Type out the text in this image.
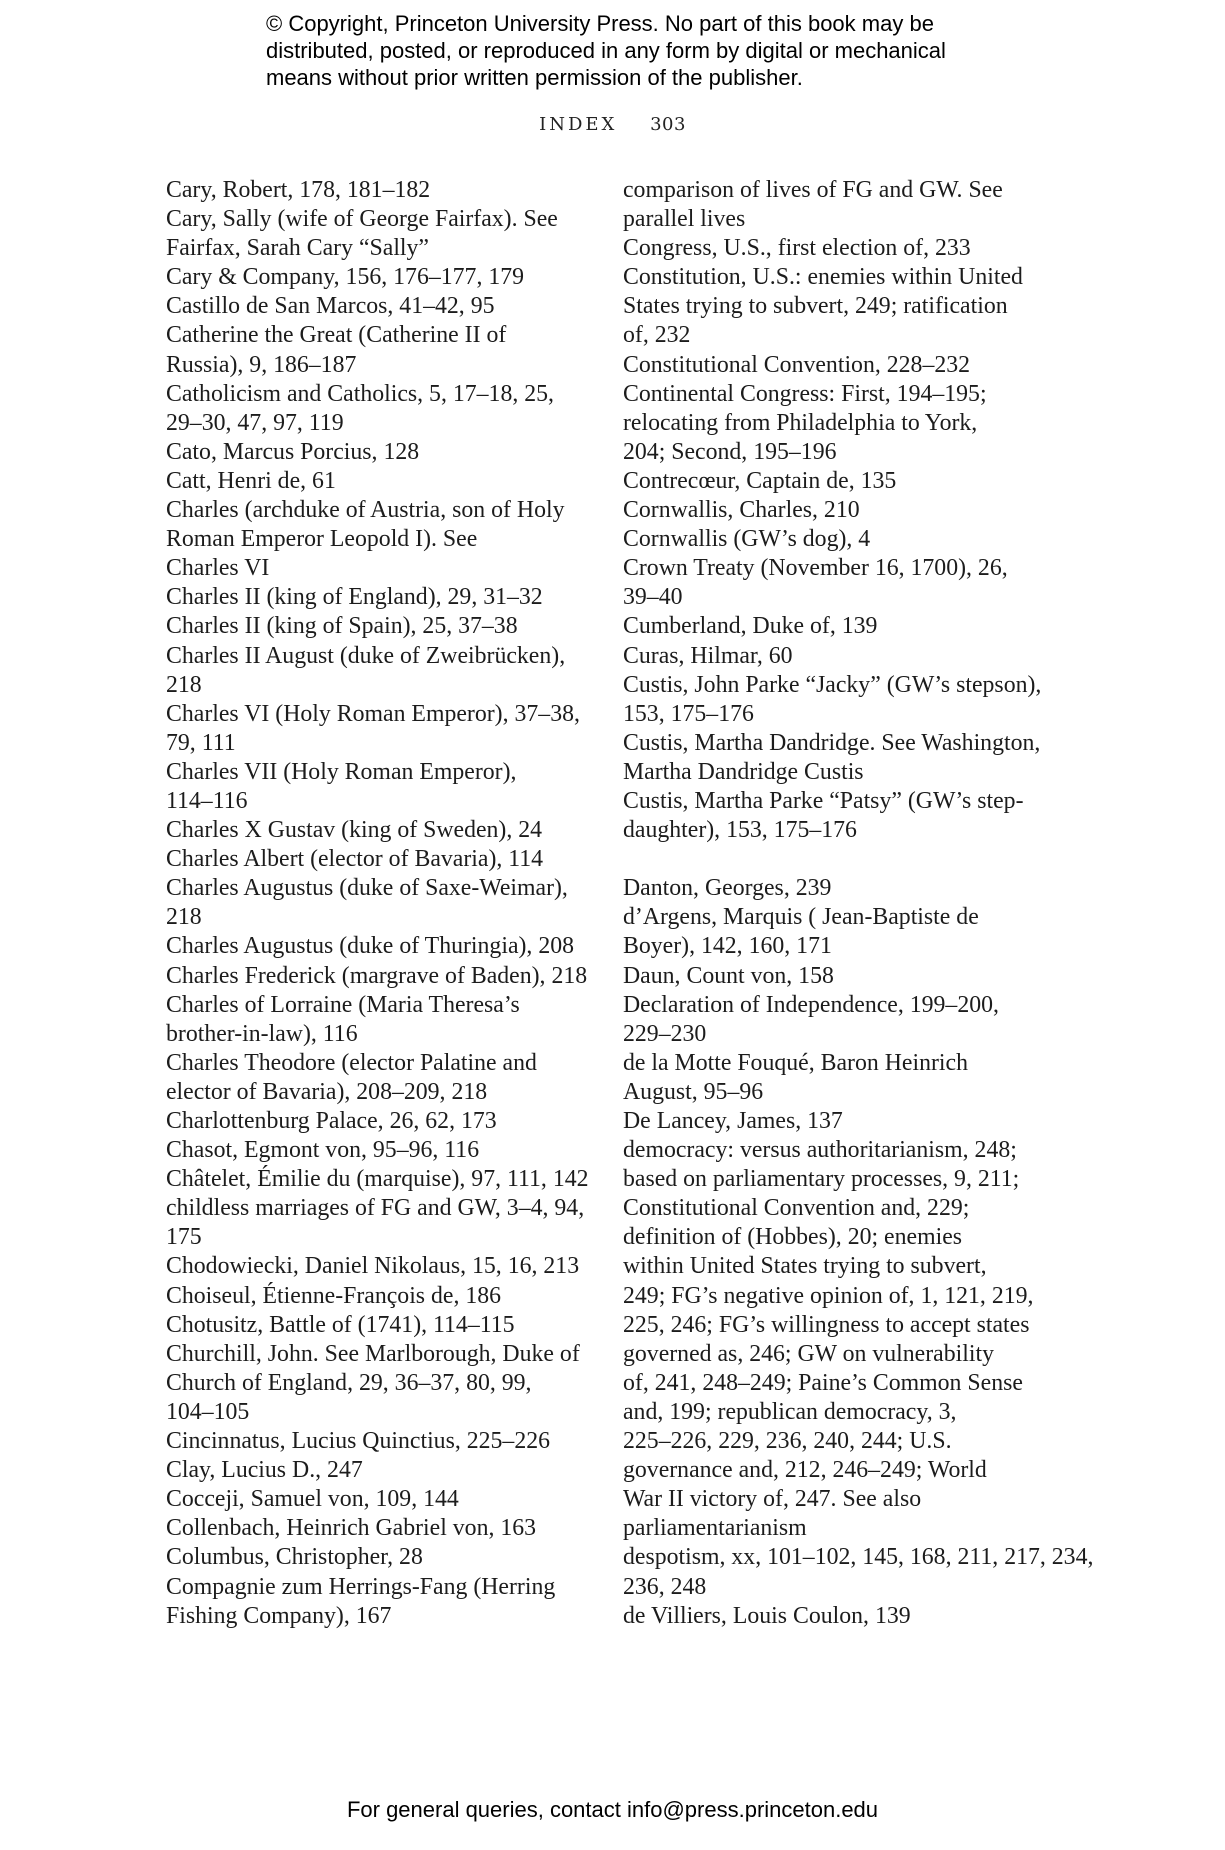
© Copyright, Princeton University Press. No part of this book may be
distributed, posted, or reproduced in any form by digital or mechanical
means without prior written permission of the publisher.
INDEX 303
Cary, Robert, 178, 181–182
Cary, Sally (wife of George Fairfax). See
Fairfax, Sarah Cary “Sally”
Cary & Company, 156, 176–177, 179
Castillo de San Marcos, 41–42, 95
Catherine the Great (Catherine II of
Russia), 9, 186–187
Catholicism and Catholics, 5, 17–18, 25,
29–30, 47, 97, 119
Cato, Marcus Porcius, 128
Catt, Henri de, 61
Charles (archduke of Austria, son of Holy
Roman Emperor Leopold I). See
Charles VI
Charles II (king of England), 29, 31–32
Charles II (king of Spain), 25, 37–38
Charles II August (duke of Zweibrücken),
218
Charles VI (Holy Roman Emperor), 37–38,
79, 111
Charles VII (Holy Roman Emperor),
114–116
Charles X Gustav (king of Sweden), 24
Charles Albert (elector of Bavaria), 114
Charles Augustus (duke of Saxe-Weimar),
218
Charles Augustus (duke of Thuringia), 208
Charles Frederick (margrave of Baden), 218
Charles of Lorraine (Maria Theresa’s
brother-in-law), 116
Charles Theodore (elector Palatine and
elector of Bavaria), 208–209, 218
Charlottenburg Palace, 26, 62, 173
Chasot, Egmont von, 95–96, 116
Châtelet, Émilie du (marquise), 97, 111, 142
childless marriages of FG and GW, 3–4, 94,
175
Chodowiecki, Daniel Nikolaus, 15, 16, 213
Choiseul, Étienne-François de, 186
Chotusitz, Battle of (1741), 114–115
Churchill, John. See Marlborough, Duke of
Church of England, 29, 36–37, 80, 99,
104–105
Cincinnatus, Lucius Quinctius, 225–226
Clay, Lucius D., 247
Cocceji, Samuel von, 109, 144
Collenbach, Heinrich Gabriel von, 163
Columbus, Christopher, 28
Compagnie zum Herrings-Fang (Herring
Fishing Company), 167
comparison of lives of FG and GW. See
parallel lives
Congress, U.S., first election of, 233
Constitution, U.S.: enemies within United
States trying to subvert, 249; ratification
of, 232
Constitutional Convention, 228–232
Continental Congress: First, 194–195;
relocating from Philadelphia to York,
204; Second, 195–196
Contrecœur, Captain de, 135
Cornwallis, Charles, 210
Cornwallis (GW’s dog), 4
Crown Treaty (November 16, 1700), 26,
39–40
Cumberland, Duke of, 139
Curas, Hilmar, 60
Custis, John Parke “Jacky” (GW’s stepson),
153, 175–176
Custis, Martha Dandridge. See Washington,
Martha Dandridge Custis
Custis, Martha Parke “Patsy” (GW’s step-
daughter), 153, 175–176
Danton, Georges, 239
d’Argens, Marquis ( Jean-Baptiste de
Boyer), 142, 160, 171
Daun, Count von, 158
Declaration of Independence, 199–200,
229–230
de la Motte Fouqué, Baron Heinrich
August, 95–96
De Lancey, James, 137
democracy: versus authoritarianism, 248;
based on parliamentary processes, 9, 211;
Constitutional Convention and, 229;
definition of (Hobbes), 20; enemies
within United States trying to subvert,
249; FG’s negative opinion of, 1, 121, 219,
225, 246; FG’s willingness to accept states
governed as, 246; GW on vulnerability
of, 241, 248–249; Paine’s Common Sense
and, 199; republican democracy, 3,
225–226, 229, 236, 240, 244; U.S.
governance and, 212, 246–249; World
War II victory of, 247. See also
parliamentarianism
despotism, xx, 101–102, 145, 168, 211, 217, 234,
236, 248
de Villiers, Louis Coulon, 139
For general queries, contact info@press.princeton.edu
